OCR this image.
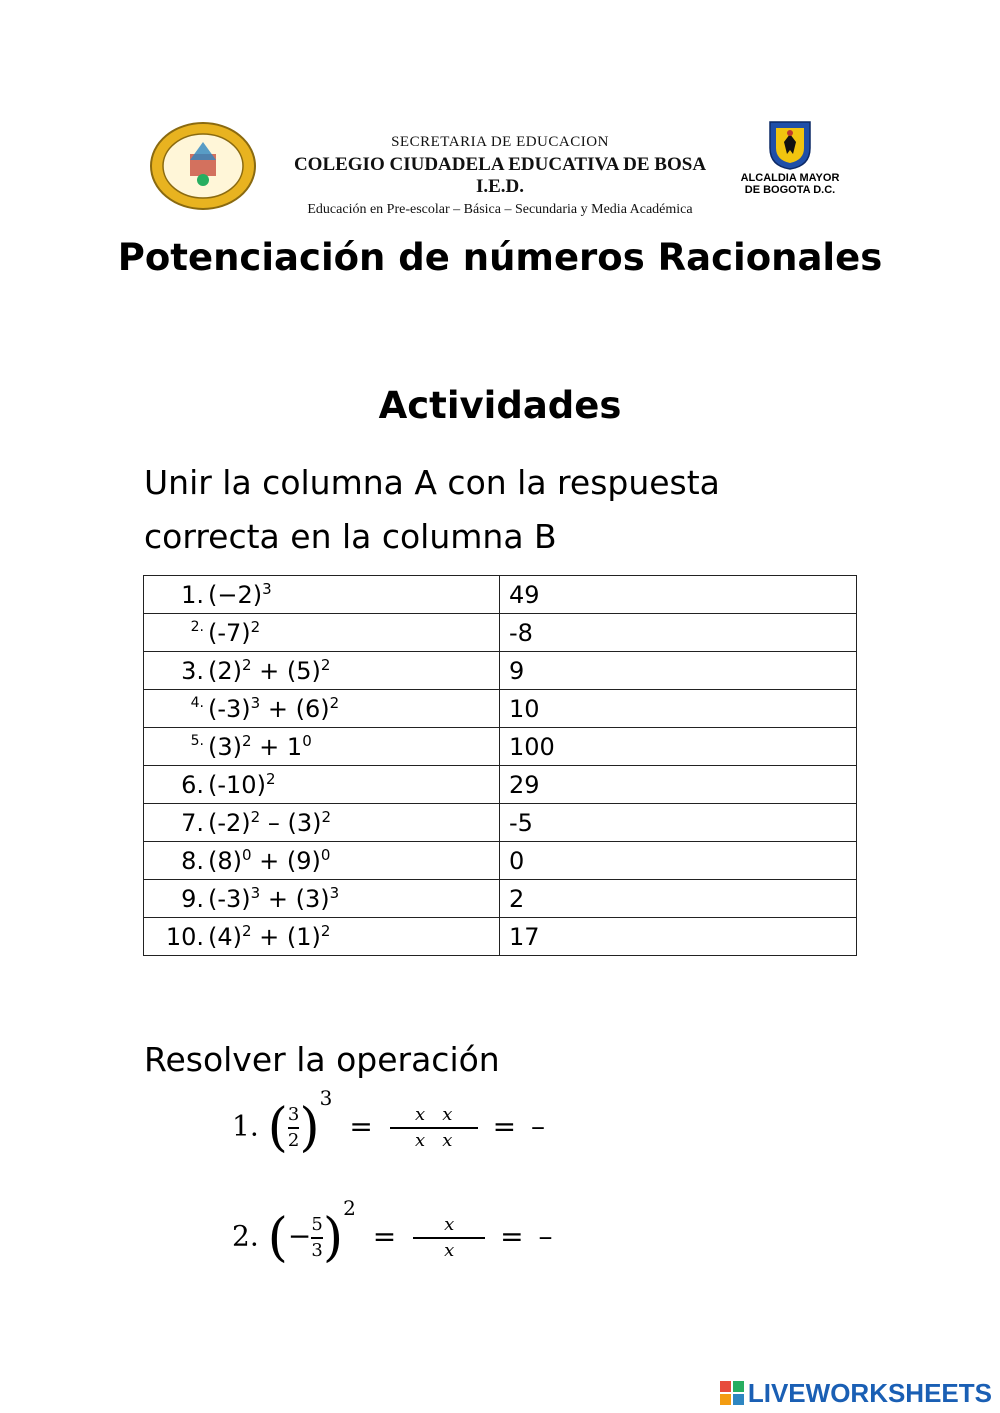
SECRETARIA DE EDUCACION
COLEGIO CIUDADELA EDUCATIVA DE BOSA I.E.D.
Educación en Pre-escolar – Básica – Secundaria y Media Académica
ALCALDIA MAYOR
DE BOGOTA D.C.
Potenciación de números Racionales
Actividades
Unir la columna A con la respuesta
correcta en la columna B
1. $(-2)^3$	49

2. $(-7)^2$	-8

3. $(2)^2 + (5)^2$	9

4. $(-3)^3 + (6)^2$	10

5. $(3)^2 + 1^0$	100

6. $(-10)^2$	29

7. $(-2)^2 - (3)^2$	-5

8. $(8)^0 + (9)^0$	0

9. $(-3)^3 + (3)^3$	2

10. $(4)^2 + (1)^2$	17
Resolver la operación
1. ( $\frac{3}{2} )^3 = \frac{\text{x x}}{\text{x x}}$ = –
2. (− $\frac{5}{3} )^2 = \frac{x}{x}$ = –
LIVEWORKSHEETS
